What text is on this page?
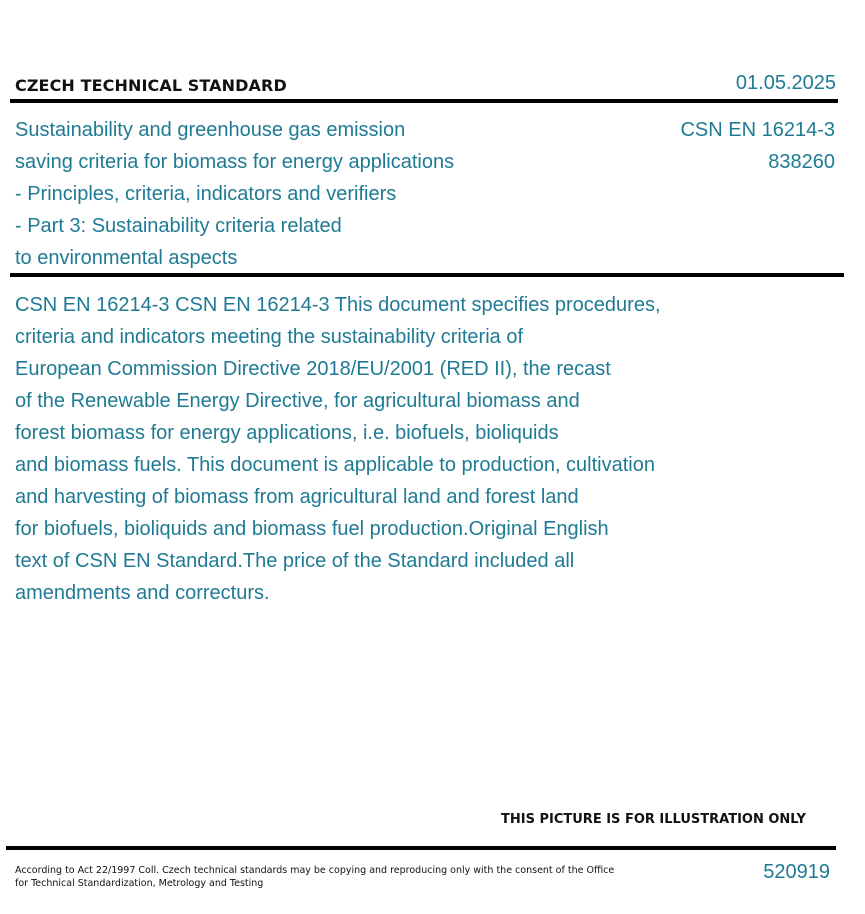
CZECH TECHNICAL STANDARD	01.05.2025
Sustainability and greenhouse gas emission
saving criteria for biomass for energy applications
- Principles, criteria, indicators and verifiers
- Part 3: Sustainability criteria related
to environmental aspects
CSN EN 16214-3
838260
CSN EN 16214-3 CSN EN 16214-3 This document specifies procedures,
criteria and indicators meeting the sustainability criteria of
European Commission Directive 2018/EU/2001 (RED II), the recast
of the Renewable Energy Directive, for agricultural biomass and
forest biomass for energy applications, i.e. biofuels, bioliquids
and biomass fuels. This document is applicable to production, cultivation
and harvesting of biomass from agricultural land and forest land
for biofuels, bioliquids and biomass fuel production.Original English
text of CSN EN Standard.The price of the Standard included all
amendments and correcturs.
THIS PICTURE IS FOR ILLUSTRATION ONLY
According to Act 22/1997 Coll. Czech technical standards may be copying and reproducing only with the consent of the Office
for Technical Standardization, Metrology and Testing
520919
